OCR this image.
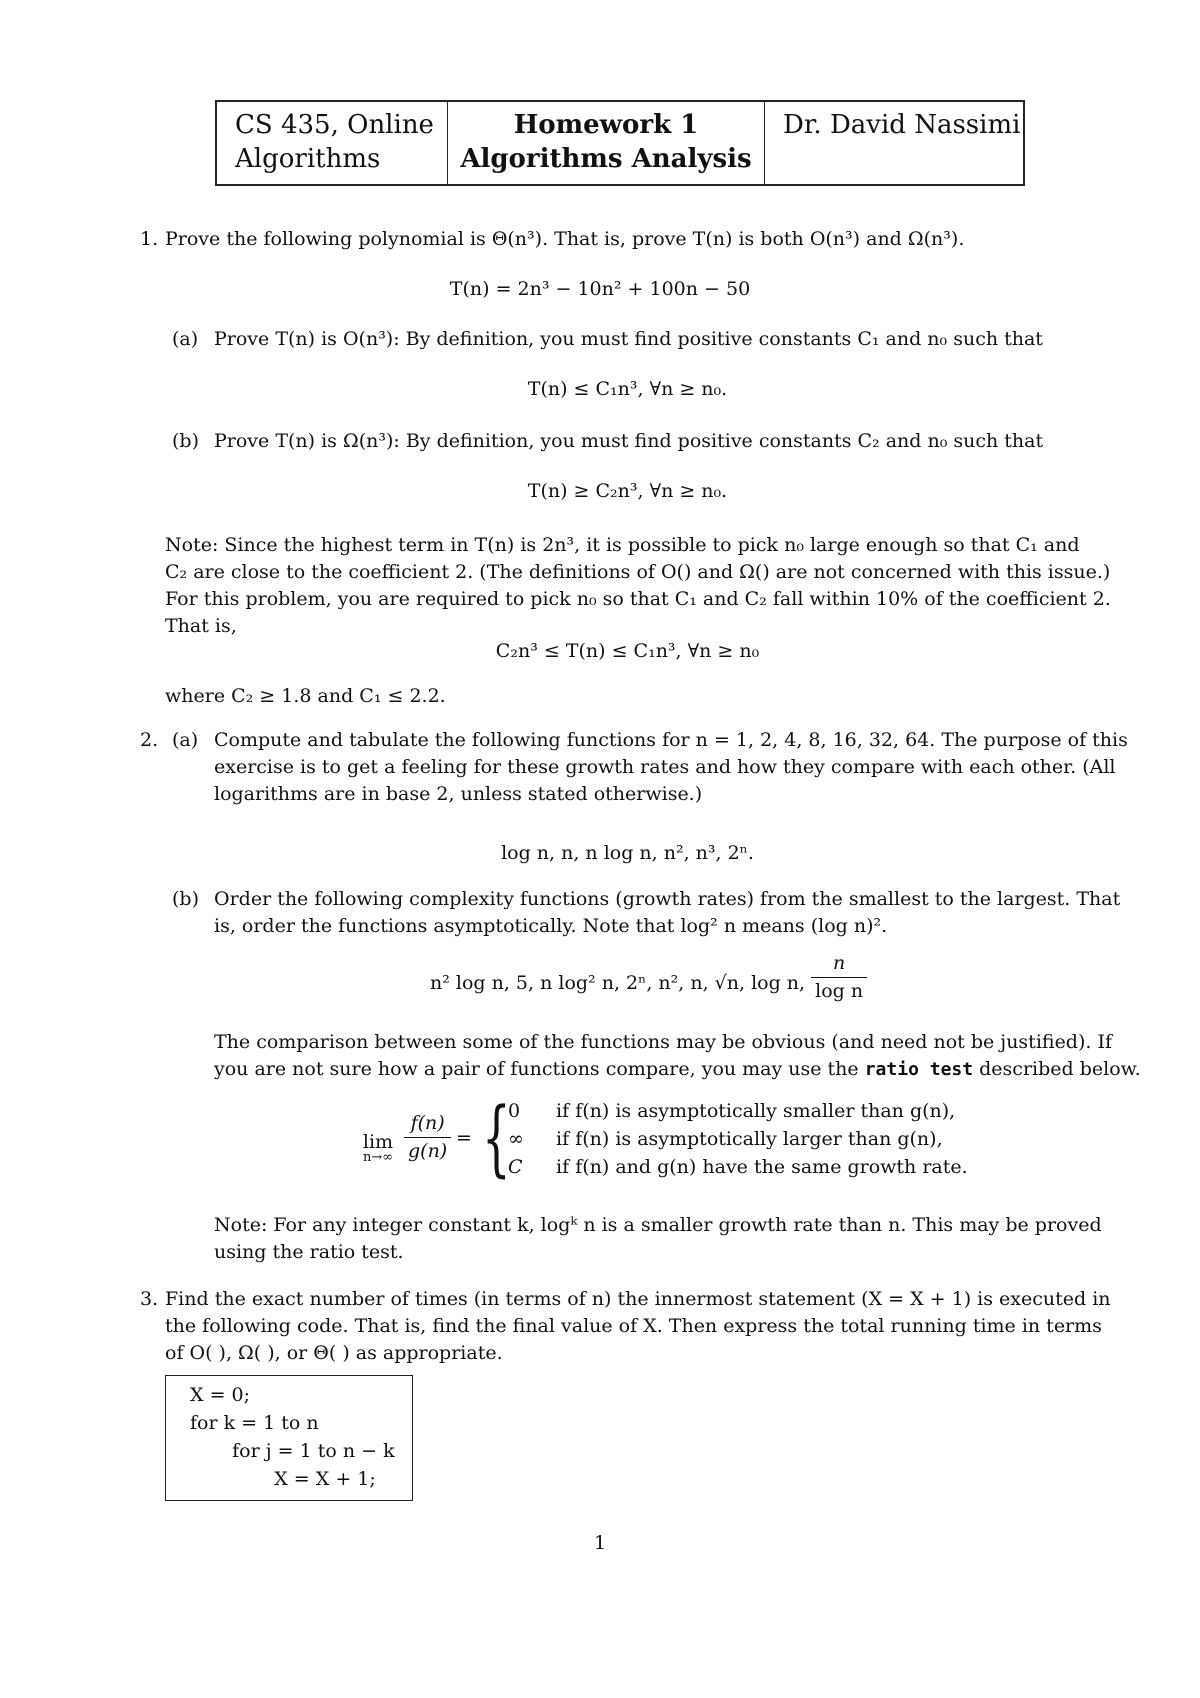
CS 435, Online
Algorithms
Homework 1
Algorithms Analysis
Dr. David Nassimi
1. Prove the following polynomial is Θ(n³). That is, prove T(n) is both O(n³) and Ω(n³).
T(n) = 2n³ − 10n² + 100n − 50
(a) Prove T(n) is O(n³): By definition, you must find positive constants C₁ and n₀ such that
T(n) ≤ C₁n³, ∀n ≥ n₀.
(b) Prove T(n) is Ω(n³): By definition, you must find positive constants C₂ and n₀ such that
T(n) ≥ C₂n³, ∀n ≥ n₀.
Note: Since the highest term in T(n) is 2n³, it is possible to pick n₀ large enough so that C₁ and
C₂ are close to the coefficient 2. (The definitions of O() and Ω() are not concerned with this issue.)
For this problem, you are required to pick n₀ so that C₁ and C₂ fall within 10% of the coefficient 2.
That is,
C₂n³ ≤ T(n) ≤ C₁n³, ∀n ≥ n₀
where C₂ ≥ 1.8 and C₁ ≤ 2.2.
2. (a) Compute and tabulate the following functions for n = 1, 2, 4, 8, 16, 32, 64. The purpose of this
exercise is to get a feeling for these growth rates and how they compare with each other. (All
logarithms are in base 2, unless stated otherwise.)
log n, n, n log n, n², n³, 2ⁿ.
(b) Order the following complexity functions (growth rates) from the smallest to the largest. That
is, order the functions asymptotically. Note that log² n means (log n)².
n² log n, 5, n log² n, 2ⁿ, n², n, √n, log n, $\frac{n}{\text{log n}}$
The comparison between some of the functions may be obvious (and need not be justified). If
you are not sure how a pair of functions compare, you may use the ratio test described below.
lim
$n\to\infty \frac{f(n)}{g(n)}$ = {
0 if f(n) is asymptotically smaller than g(n),
∞ if f(n) is asymptotically larger than g(n),
C if f(n) and g(n) have the same growth rate.
Note: For any integer constant k, logᵏ n is a smaller growth rate than n. This may be proved
using the ratio test.
3. Find the exact number of times (in terms of n) the innermost statement (X = X + 1) is executed in
the following code. That is, find the final value of X. Then express the total running time in terms
of O( ), Ω( ), or Θ( ) as appropriate.
X = 0;
for k = 1 to n
for j = 1 to n − k
X = X + 1;
1
